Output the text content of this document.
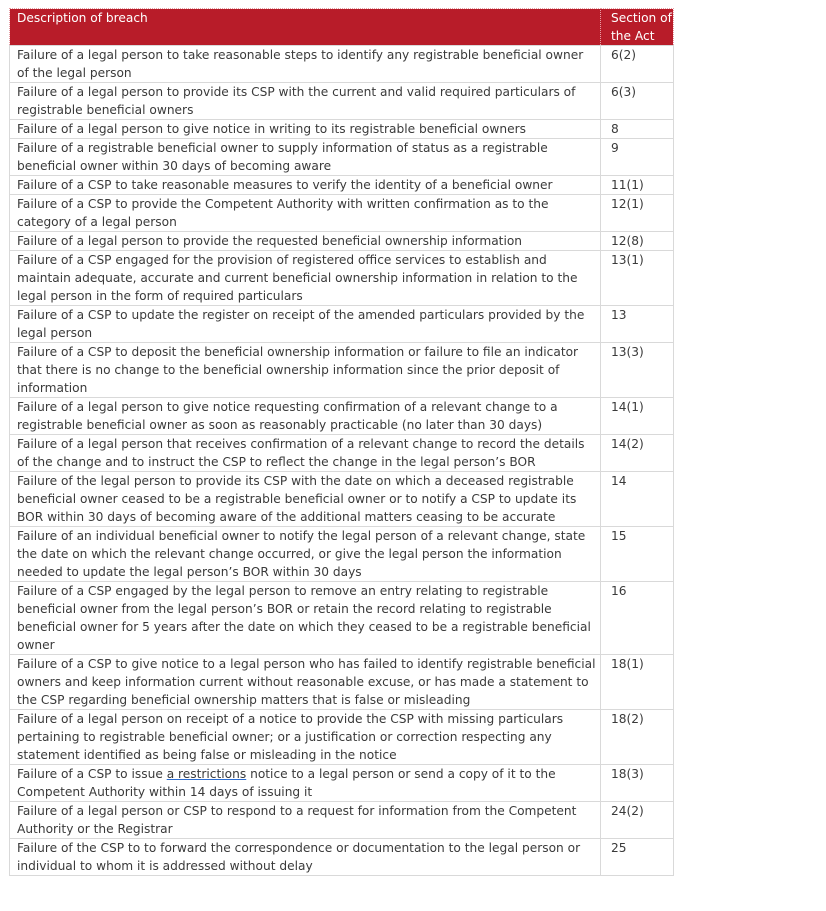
Description of breach	Section of
the Act
Failure of a legal person to take reasonable steps to identify any registrable beneficial owner of the legal person	6(2)
Failure of a legal person to provide its CSP with the current and valid required particulars of registrable beneficial owners	6(3)
Failure of a legal person to give notice in writing to its registrable beneficial owners	8
Failure of a registrable beneficial owner to supply information of status as a registrable beneficial owner within 30 days of becoming aware	9
Failure of a CSP to take reasonable measures to verify the identity of a beneficial owner	11(1)
Failure of a CSP to provide the Competent Authority with written confirmation as to the category of a legal person	12(1)
Failure of a legal person to provide the requested beneficial ownership information	12(8)
Failure of a CSP engaged for the provision of registered office services to establish and maintain adequate, accurate and current beneficial ownership information in relation to the legal person in the form of required particulars	13(1)
Failure of a CSP to update the register on receipt of the amended particulars provided by the legal person	13
Failure of a CSP to deposit the beneficial ownership information or failure to file an indicator that there is no change to the beneficial ownership information since the prior deposit of information	13(3)
Failure of a legal person to give notice requesting confirmation of a relevant change to a registrable beneficial owner as soon as reasonably practicable (no later than 30 days)	14(1)
Failure of a legal person that receives confirmation of a relevant change to record the details of the change and to instruct the CSP to reflect the change in the legal person’s BOR	14(2)
Failure of the legal person to provide its CSP with the date on which a deceased registrable beneficial owner ceased to be a registrable beneficial owner or to notify a CSP to update its BOR within 30 days of becoming aware of the additional matters ceasing to be accurate	14
Failure of an individual beneficial owner to notify the legal person of a relevant change, state the date on which the relevant change occurred, or give the legal person the information needed to update the legal person’s BOR within 30 days	15
Failure of a CSP engaged by the legal person to remove an entry relating to registrable beneficial owner from the legal person’s BOR or retain the record relating to registrable beneficial owner for 5 years after the date on which they ceased to be a registrable beneficial owner	16
Failure of a CSP to give notice to a legal person who has failed to identify registrable beneficial owners and keep information current without reasonable excuse, or has made a statement to the CSP regarding beneficial ownership matters that is false or misleading	18(1)
Failure of a legal person on receipt of a notice to provide the CSP with missing particulars pertaining to registrable beneficial owner; or a justification or correction respecting any statement identified as being false or misleading in the notice	18(2)
Failure of a CSP to issue a restrictions notice to a legal person or send a copy of it to the Competent Authority within 14 days of issuing it	18(3)
Failure of a legal person or CSP to respond to a request for information from the Competent Authority or the Registrar	24(2)
Failure of the CSP to to forward the correspondence or documentation to the legal person or individual to whom it is addressed without delay	25
